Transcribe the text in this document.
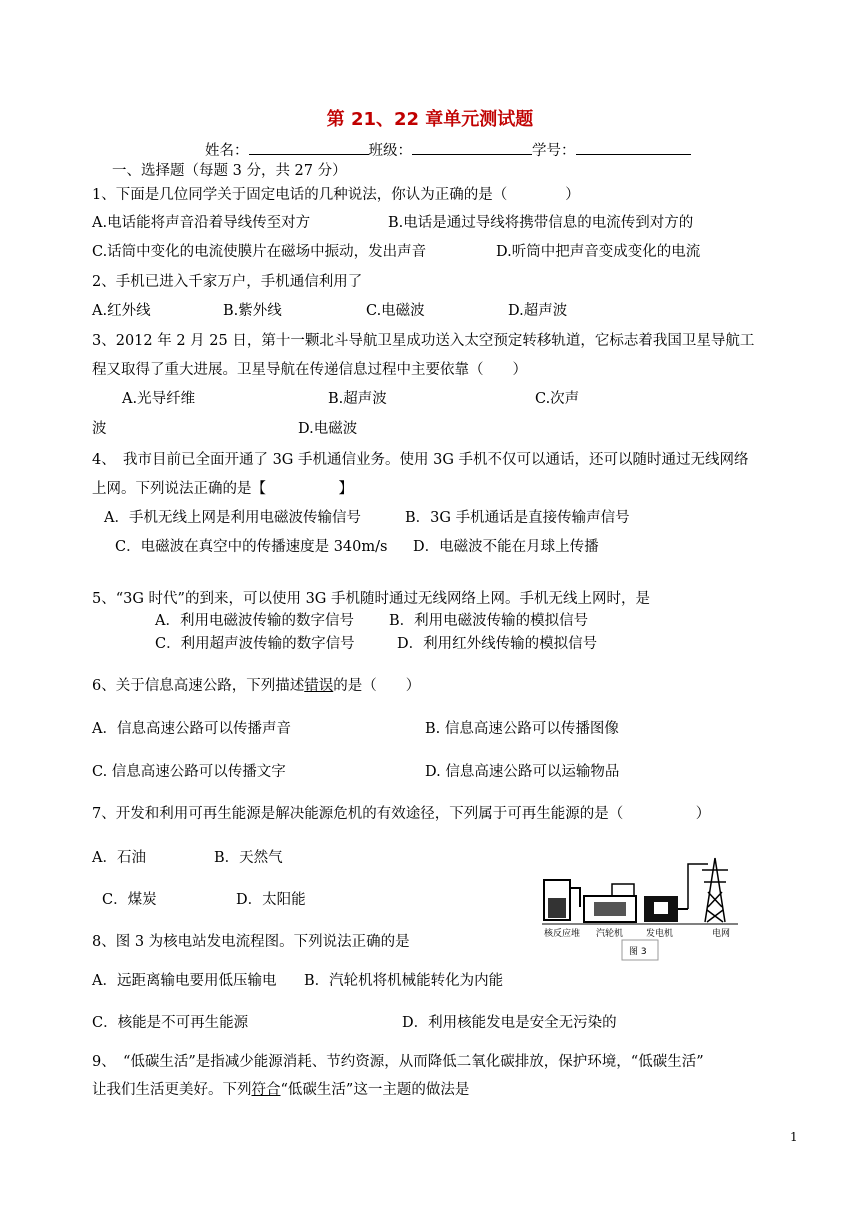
第 21、22 章单元测试题
姓名：	班级：	学号：
一、选择题（每题 3 分，共 27 分）
1、下面是几位同学关于固定电话的几种说法，你认为正确的是（　　　　）
A.电话能将声音沿着导线传至对方	B.电话是通过导线将携带信息的电流传到对方的
C.话筒中变化的电流使膜片在磁场中振动，发出声音	D.听筒中把声音变成变化的电流
2、手机已进入千家万户，手机通信利用了
A.红外线	B.紫外线	C.电磁波	D.超声波
3、2012 年 2 月 25 日，第十一颗北斗导航卫星成功送入太空预定转移轨道，它标志着我国卫星导航工
程又取得了重大进展。卫星导航在传递信息过程中主要依靠（　　）
A.光导纤维	B.超声波	C.次声
波	D.电磁波
4、　我市目前已全面开通了 3G 手机通信业务。使用 3G 手机不仅可以通话，还可以随时通过无线网络
上网。下列说法正确的是【　　　　　】
A．手机无线上网是利用电磁波传输信号	B．3G 手机通话是直接传输声信号
C．电磁波在真空中的传播速度是 340m/s D．电磁波不能在月球上传播
5、“3G 时代”的到来，可以使用 3G 手机随时通过无线网络上网。手机无线上网时，是
A．利用电磁波传输的数字信号 B．利用电磁波传输的模拟信号
C．利用超声波传输的数字信号	D．利用红外线传输的模拟信号
6、关于信息高速公路，下列描述错误的是（　　）
A．信息高速公路可以传播声音	B. 信息高速公路可以传播图像
C. 信息高速公路可以传播文字	D. 信息高速公路可以运输物品
7、开发和利用可再生能源是解决能源危机的有效途径，下列属于可再生能源的是（　　　　　）
A．石油	B．天然气
C．煤炭	D．太阳能
核反应堆 汽轮机	发电机	电网
图 3
8、图 3 为核电站发电流程图。下列说法正确的是
A．远距离输电要用低压输电 B．汽轮机将机械能转化为内能
C．核能是不可再生能源	D．利用核能发电是安全无污染的
9、　“低碳生活”是指减少能源消耗、节约资源，从而降低二氧化碳排放，保护环境，“低碳生活”
让我们生活更美好。下列符合“低碳生活”这一主题的做法是
1
